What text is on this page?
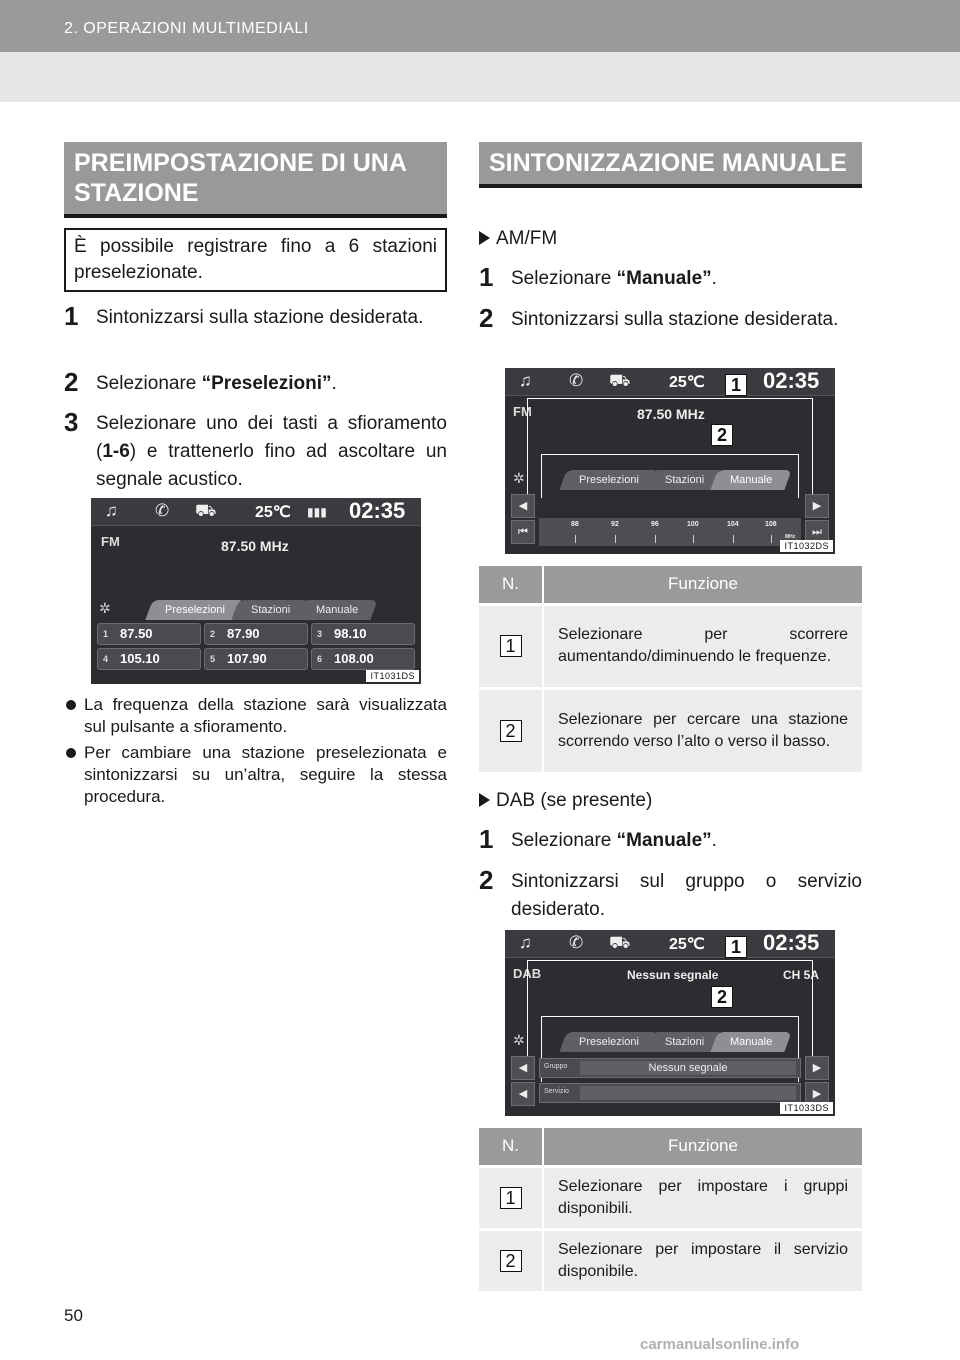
2. OPERAZIONI MULTIMEDIALI
PREIMPOSTAZIONE DI UNA STAZIONE
È possibile registrare fino a 6 stazioni preselezionate.
1 Sintonizzarsi sulla stazione desiderata.
2 Selezionare “Preselezioni”.
3 Selezionare uno dei tasti a sfioramento (1-6) e trattenerlo fino ad ascoltare un segnale acustico.
♫ ✆ ⛟ 25℃ ▮▮▮ 02:35
FM	87.50 MHz
✲	Preselezioni	Stazioni	Manuale
1 87.50	2 87.90	3 98.10
4 105.10	5 107.90	6 108.00
IT1031DS
La frequenza della stazione sarà visualizzata sul pulsante a sfioramento.
Per cambiare una stazione preselezionata e sintonizzarsi su un’altra, seguire la stessa procedura.
SINTONIZZAZIONE MANUALE
AM/FM
1 Selezionare “Manuale”.
2 Sintonizzarsi sulla stazione desiderata.
♫ ✆ ⛟ 25℃	02:35
FM	87.50 MHz
1
2
✲	Preselezioni	Stazioni	Manuale
◀	▶
⏮	⏭
88	92	96	100	104	108
MHz
IT1032DS
N.	Funzione
1	Selezionare per scorrere aumentando/diminuendo le frequenze.
2	Selezionare per cercare una stazione scorrendo verso l’alto o verso il basso.
DAB (se presente)
1 Selezionare “Manuale”.
2 Sintonizzarsi sul gruppo o servizio desiderato.
♫ ✆ ⛟ 25℃	02:35
DAB	Nessun segnale	CH 5A
1
2
✲	Preselezioni	Stazioni	Manuale
◀	▶
◀	▶
Gruppo	Nessun segnale
Servizio
IT1033DS
N.	Funzione
1	Selezionare per impostare i gruppi disponibili.
2	Selezionare per impostare il servizio disponibile.
50
carmanualsonline.info
